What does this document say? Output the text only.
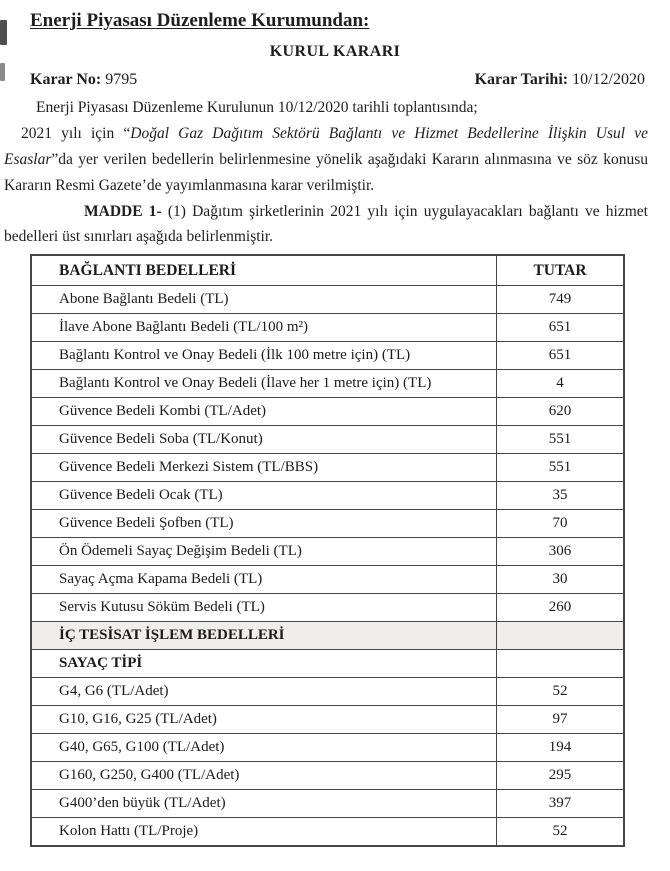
Enerji Piyasası Düzenleme Kurumundan:
KURUL KARARI
Karar No: 9795	Karar Tarihi: 10/12/2020

Enerji Piyasası Düzenleme Kurulunun 10/12/2020 tarihli toplantısında;

2021 yılı için “Doğal Gaz Dağıtım Sektörü Bağlantı ve Hizmet Bedellerine İlişkin Usul ve Esaslar”da yer verilen bedellerin belirlenmesine yönelik aşağıdaki Kararın alınmasına ve söz konusu Kararın Resmi Gazete’de yayımlanmasına karar verilmiştir.

MADDE 1- (1) Dağıtım şirketlerinin 2021 yılı için uygulayacakları bağlantı ve hizmet bedelleri üst sınırları aşağıda belirlenmiştir.

BAĞLANTI BEDELLERİ	TUTAR
Abone Bağlantı Bedeli (TL)	749
İlave Abone Bağlantı Bedeli (TL/100 m²)	651
Bağlantı Kontrol ve Onay Bedeli (İlk 100 metre için) (TL)	651
Bağlantı Kontrol ve Onay Bedeli (İlave her 1 metre için) (TL)	4
Güvence Bedeli Kombi (TL/Adet)	620
Güvence Bedeli Soba (TL/Konut)	551
Güvence Bedeli Merkezi Sistem (TL/BBS)	551
Güvence Bedeli Ocak (TL)	35
Güvence Bedeli Şofben (TL)	70
Ön Ödemeli Sayaç Değişim Bedeli (TL)	306
Sayaç Açma Kapama Bedeli (TL)	30
Servis Kutusu Söküm Bedeli (TL)	260
İÇ TESİSAT İŞLEM BEDELLERİ	
SAYAÇ TİPİ	
G4, G6 (TL/Adet)	52
G10, G16, G25 (TL/Adet)	97
G40, G65, G100 (TL/Adet)	194
G160, G250, G400 (TL/Adet)	295
G400’den büyük (TL/Adet)	397
Kolon Hattı (TL/Proje)	52
